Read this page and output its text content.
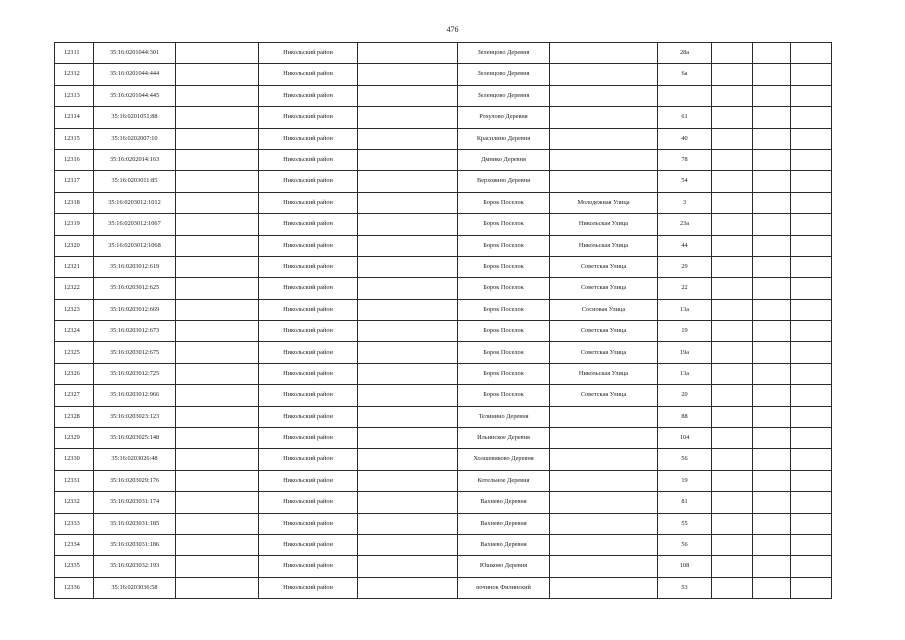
476
12311	35:16:0201044:301		Никольский район		Зеленцово Деревня		28а			
12312	35:16:0201044:444		Никольский район		Зеленцово Деревня		6а			
12313	35:16:0201044:445		Никольский район		Зеленцово Деревня					
12314	35:16:0201051:88		Никольский район		Рохулово Деревня		61			
12315	35:16:0202007:10		Никольский район		Краснлино Деревня		40			
12316	35:16:0202014:163		Никольский район		Дмнико Деревня		78			
12317	35:16:0203011:85		Никольский район		Верховино Деревня		54			
12318	35:16:0203012:1012		Никольский район		Борок Поселок	Молодежная Улица	3			
12319	35:16:0203012:1067		Никольский район		Борок Поселок	Никольская Улица	23а			
12320	35:16:0203012:1068		Никольский район		Борок Поселок	Никольская Улица	44			
12321	35:16:0203012:619		Никольский район		Борок Поселок	Советская Улица	29			
12322	35:16:0203012:625		Никольский район		Борок Поселок	Советская Улица	22			
12323	35:16:0203012:669		Никольский район		Борок Поселок	Сосновая Улица	13а			
12324	35:16:0203012:673		Никольский район		Борок Поселок	Советская Улица	19			
12325	35:16:0203012:675		Никольский район		Борок Поселок	Советская Улица	19а			
12326	35:16:0203012:725		Никольский район		Борок Поселок	Никольская Улица	13а			
12327	35:16:0203012:966		Никольский район		Борок Поселок	Советская Улица	20			
12328	35:16:0203023:123		Никольский район		Телинино Деревня		88			
12329	35:16:0203025:148		Никольский район		Ильинское Деревня		104			
12330	35:16:0203026:48		Никольский район		Холшевиково Деревня		56			
12331	35:16:0203029:176		Никольский район		Котельное Деревня		19			
12332	35:16:0203031:174		Никольский район		Вахнево Деревня		81			
12333	35:16:0203031:185		Никольский район		Вахнево Деревня		55			
12334	35:16:0203031:186		Никольский район		Вахнево Деревня		56			
12335	35:16:0203032:193		Никольский район		Юшково Деревня		108			
12336	35:16:0203036:58		Никольский район		починок Филинский		53			
